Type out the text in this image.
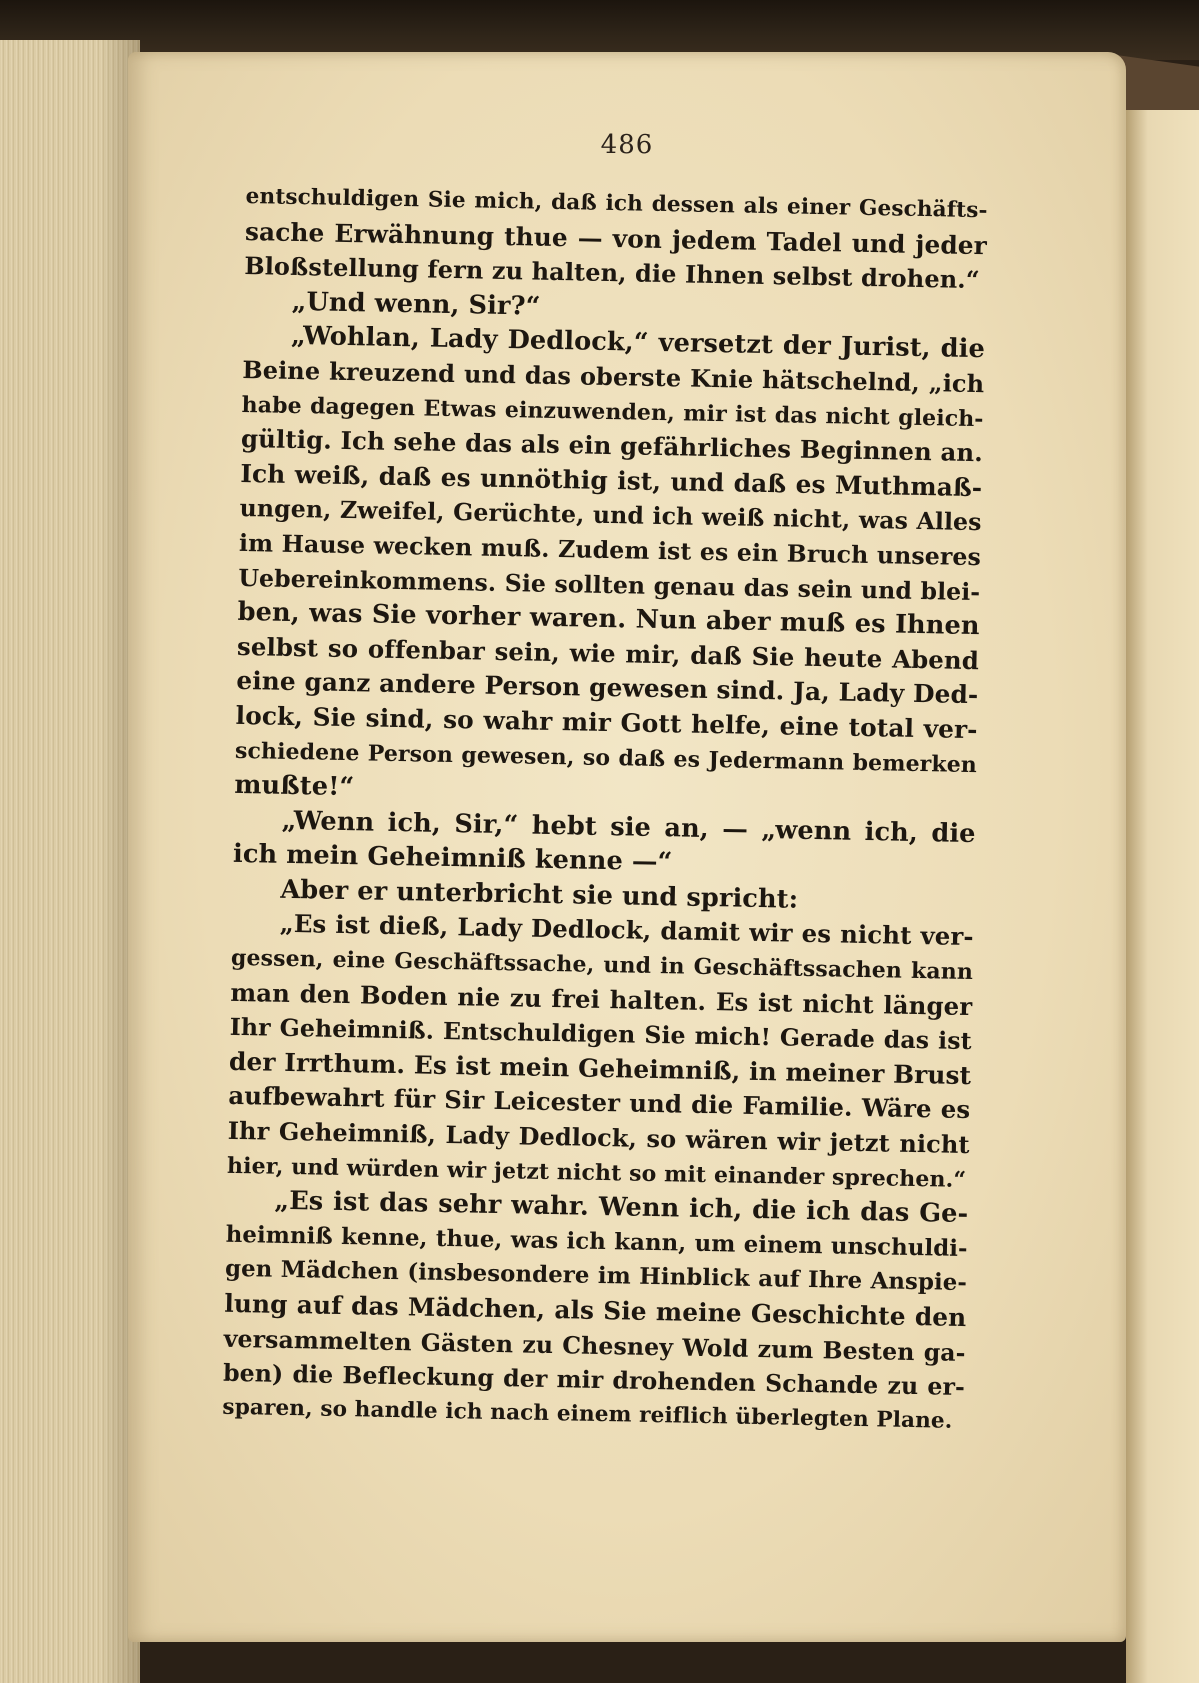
486
entschuldigen Sie mich, daß ich dessen als einer Geschäfts-
sache Erwähnung thue — von jedem Tadel und jeder
Bloßstellung fern zu halten, die Ihnen selbst drohen.“
„Und wenn, Sir?“
„Wohlan, Lady Dedlock,“ versetzt der Jurist, die
Beine kreuzend und das oberste Knie hätschelnd, „ich
habe dagegen Etwas einzuwenden, mir ist das nicht gleich-
gültig. Ich sehe das als ein gefährliches Beginnen an.
Ich weiß, daß es unnöthig ist, und daß es Muthmaß-
ungen, Zweifel, Gerüchte, und ich weiß nicht, was Alles
im Hause wecken muß. Zudem ist es ein Bruch unseres
Uebereinkommens. Sie sollten genau das sein und blei-
ben, was Sie vorher waren. Nun aber muß es Ihnen
selbst so offenbar sein, wie mir, daß Sie heute Abend
eine ganz andere Person gewesen sind. Ja, Lady Ded-
lock, Sie sind, so wahr mir Gott helfe, eine total ver-
schiedene Person gewesen, so daß es Jedermann bemerken
mußte!“
„Wenn ich, Sir,“ hebt sie an, — „wenn ich, die
ich mein Geheimniß kenne —“
Aber er unterbricht sie und spricht:
„Es ist dieß, Lady Dedlock, damit wir es nicht ver-
gessen, eine Geschäftssache, und in Geschäftssachen kann
man den Boden nie zu frei halten. Es ist nicht länger
Ihr Geheimniß. Entschuldigen Sie mich! Gerade das ist
der Irrthum. Es ist mein Geheimniß, in meiner Brust
aufbewahrt für Sir Leicester und die Familie. Wäre es
Ihr Geheimniß, Lady Dedlock, so wären wir jetzt nicht
hier, und würden wir jetzt nicht so mit einander sprechen.“
„Es ist das sehr wahr. Wenn ich, die ich das Ge-
heimniß kenne, thue, was ich kann, um einem unschuldi-
gen Mädchen (insbesondere im Hinblick auf Ihre Anspie-
lung auf das Mädchen, als Sie meine Geschichte den
versammelten Gästen zu Chesney Wold zum Besten ga-
ben) die Befleckung der mir drohenden Schande zu er-
sparen, so handle ich nach einem reiflich überlegten Plane.
